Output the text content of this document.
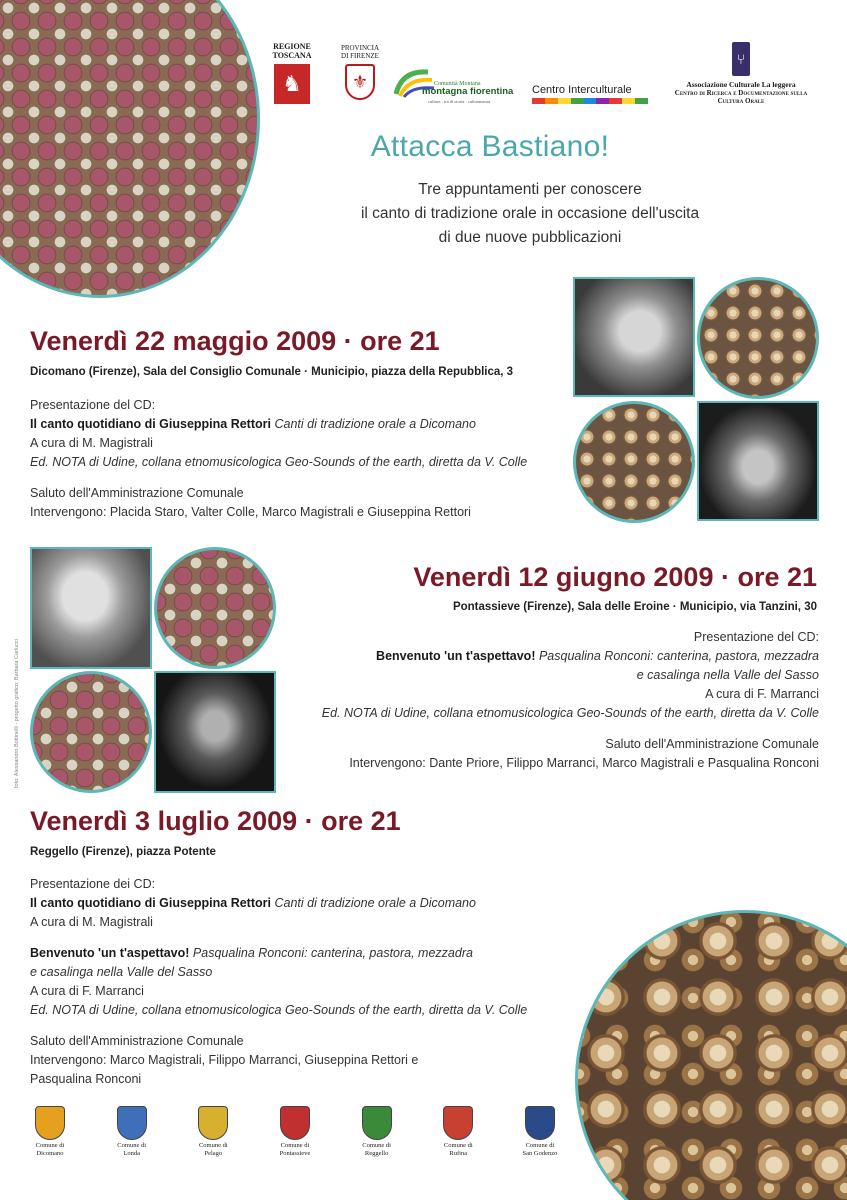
REGIONE
TOSCANA
♞
PROVINCIA
DI FIRENZE
⚜	Comunità Montana
montagna fiorentina
cultura . tra di storia . culturanaura
Centro Interculturale
⑂
Associazione Culturale La leggera
Centro di Ricerca e Documentazione sulla
Cultura Orale
Attacca Bastiano!
Tre appuntamenti per conoscere
il canto di tradizione orale in occasione dell'uscita
di due nuove pubblicazioni
Venerdì 22 maggio 2009 · ore 21
Dicomano (Firenze), Sala del Consiglio Comunale · Municipio, piazza della Repubblica, 3
Presentazione del CD:
Il canto quotidiano di Giuseppina Rettori Canti di tradizione orale a Dicomano
A cura di M. Magistrali
Ed. NOTA di Udine, collana etnomusicologica Geo-Sounds of the earth, diretta da V. Colle
Saluto dell'Amministrazione Comunale
Intervengono: Placida Staro, Valter Colle, Marco Magistrali e Giuseppina Rettori
foto: Alessandro Bottinelli - progetto grafico: Barbara Carlucci
Venerdì 12 giugno 2009 · ore 21
Pontassieve (Firenze), Sala delle Eroine · Municipio, via Tanzini, 30
Presentazione del CD:
Benvenuto 'un t'aspettavo! Pasqualina Ronconi: canterina, pastora, mezzadra
e casalinga nella Valle del Sasso
A cura di F. Marranci
Ed. NOTA di Udine, collana etnomusicologica Geo-Sounds of the earth, diretta da V. Colle
Saluto dell'Amministrazione Comunale
Intervengono: Dante Priore, Filippo Marranci, Marco Magistrali e Pasqualina Ronconi
Venerdì 3 luglio 2009 · ore 21
Reggello (Firenze), piazza Potente
Presentazione dei CD:
Il canto quotidiano di Giuseppina Rettori Canti di tradizione orale a Dicomano
A cura di M. Magistrali
Benvenuto 'un t'aspettavo! Pasqualina Ronconi: canterina, pastora, mezzadra
e casalinga nella Valle del Sasso
A cura di F. Marranci
Ed. NOTA di Udine, collana etnomusicologica Geo-Sounds of the earth, diretta da V. Colle
Saluto dell'Amministrazione Comunale
Intervengono: Marco Magistrali, Filippo Marranci, Giuseppina Rettori e
Pasqualina Ronconi
Comune di
Dicomano
Comune di
Londa
Comune di
Pelago
Comune di
Pontassieve
Comune di
Reggello
Comune di
Rufina
Comune di
San Godenzo
